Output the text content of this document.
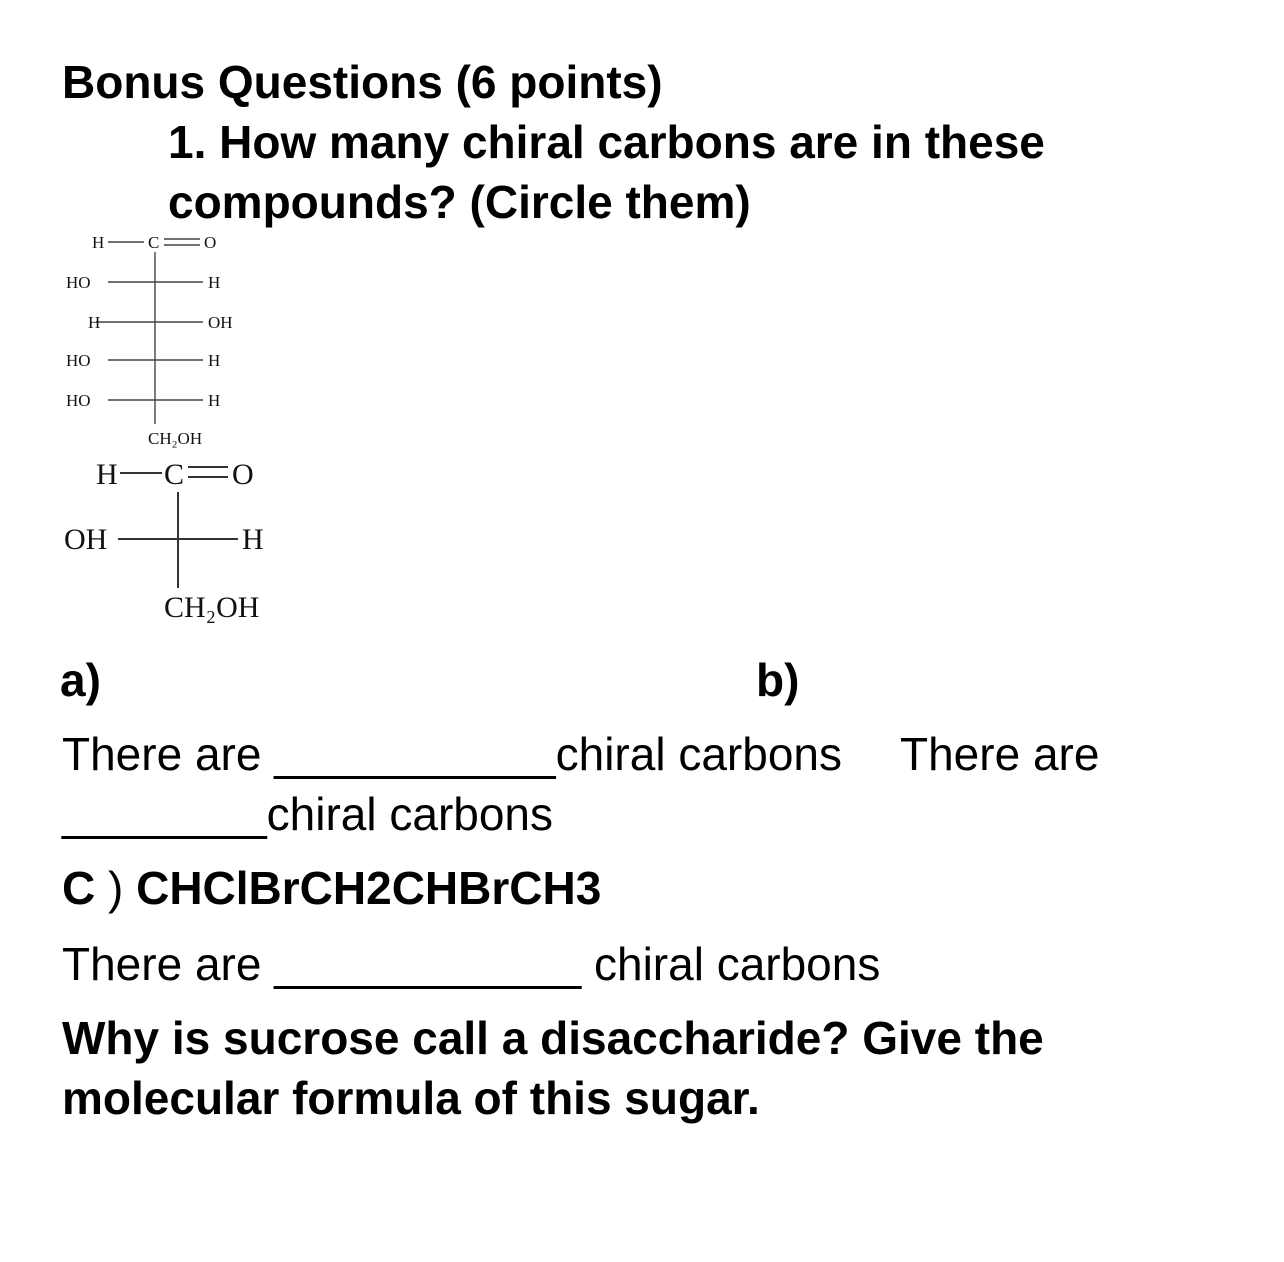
Bonus Questions (6 points)
1. How many chiral carbons are in these
compounds? (Circle them)
H	C	O
HO	H
H	OH
HO	H
HO	H
CH₂OH
H C O
OH	H
CH₂OH
a)	b)
There are ___________chiral carbons There are
________chiral carbons
C ) CHClBrCH2CHBrCH3
There are ____________ chiral carbons
Why is sucrose call a disaccharide? Give the
molecular formula of this sugar.
